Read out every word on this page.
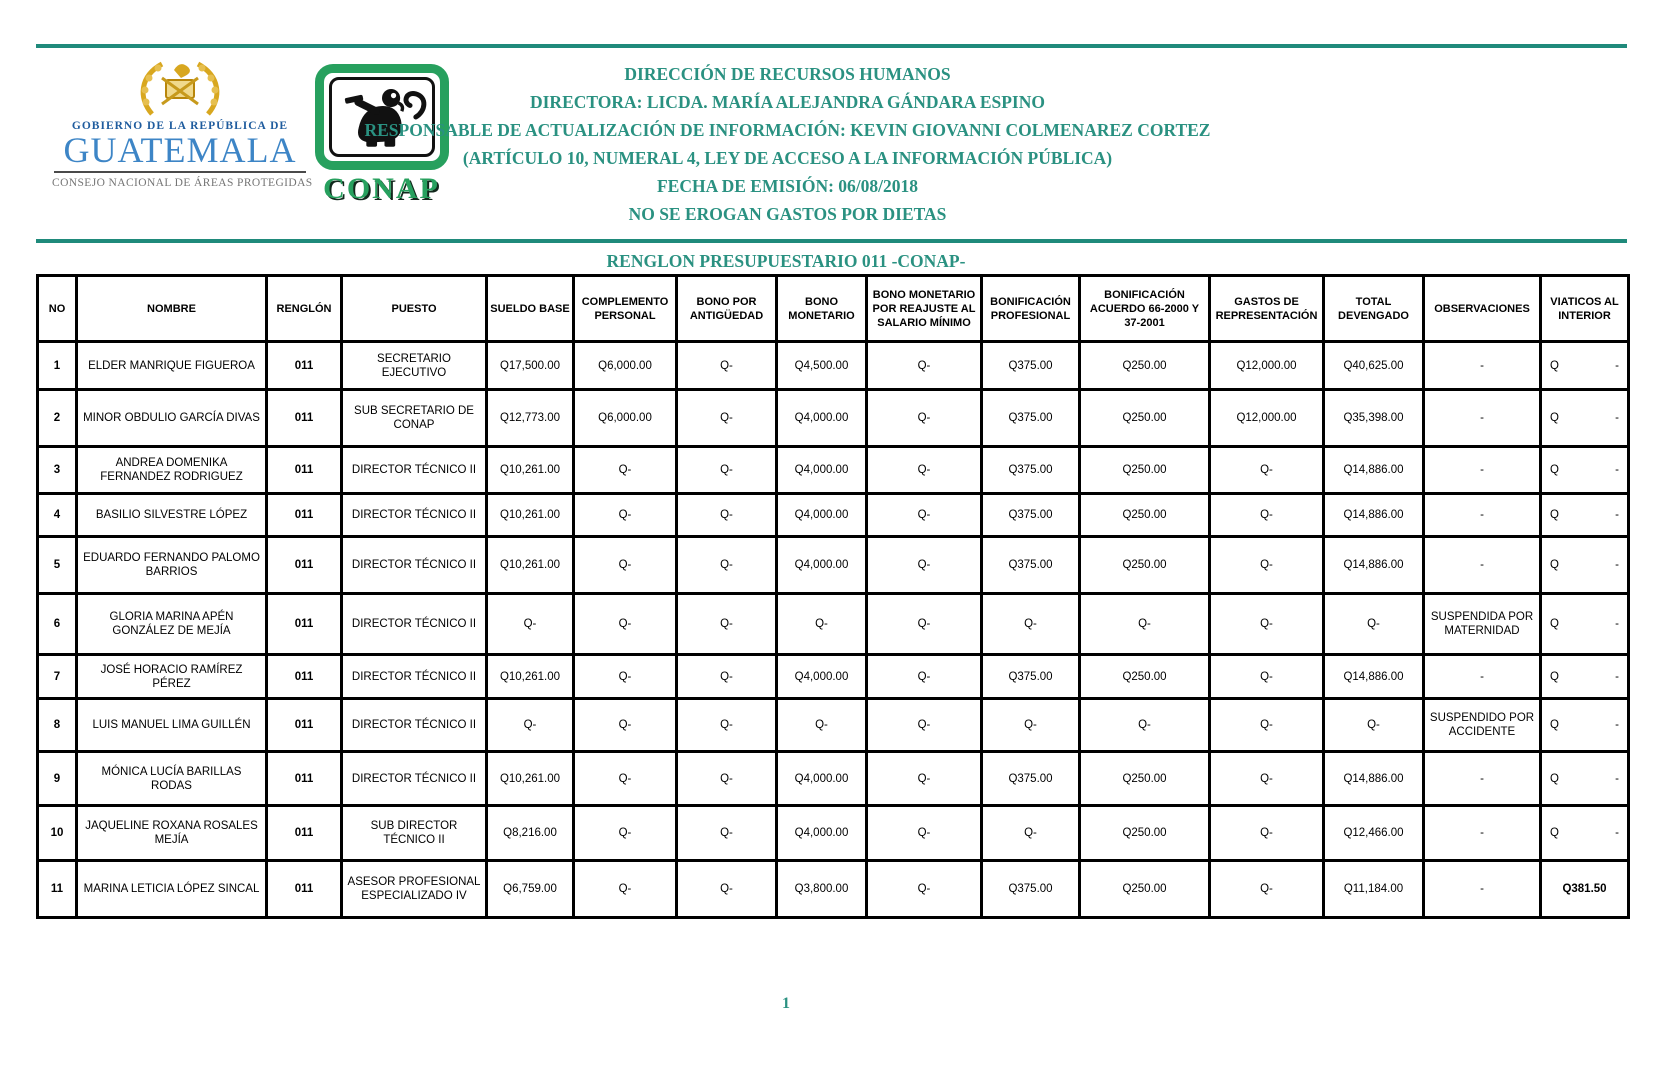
GOBIERNO DE LA REPÚBLICA DE
GUATEMALA
CONSEJO NACIONAL DE ÁREAS PROTEGIDAS CONAP
DIRECCIÓN DE RECURSOS HUMANOS
DIRECTORA: LICDA. MARÍA ALEJANDRA GÁNDARA ESPINO
RESPONSABLE DE ACTUALIZACIÓN DE INFORMACIÓN: KEVIN GIOVANNI COLMENAREZ CORTEZ
(ARTÍCULO 10, NUMERAL 4, LEY DE ACCESO A LA INFORMACIÓN PÚBLICA)
FECHA DE EMISIÓN: 06/08/2018
NO SE EROGAN GASTOS POR DIETAS
RENGLON PRESUPUESTARIO 011 -CONAP-
NO	NOMBRE	RENGLÓN	PUESTO	SUELDO BASE	COMPLEMENTO PERSONAL	BONO POR ANTIGÜEDAD	BONO MONETARIO	BONO MONETARIO POR REAJUSTE AL SALARIO MÍNIMO	BONIFICACIÓN PROFESIONAL	BONIFICACIÓN ACUERDO 66-2000 Y 37-2001	GASTOS DE REPRESENTACIÓN	TOTAL DEVENGADO	OBSERVACIONES	VIATICOS AL INTERIOR
1	ELDER MANRIQUE FIGUEROA	011	SECRETARIO EJECUTIVO	Q17,500.00	Q6,000.00	Q-	Q4,500.00	Q-	Q375.00	Q250.00	Q12,000.00	Q40,625.00	-	Q -

2	MINOR OBDULIO GARCÍA DIVAS	011	SUB SECRETARIO DE CONAP	Q12,773.00	Q6,000.00	Q-	Q4,000.00	Q-	Q375.00	Q250.00	Q12,000.00	Q35,398.00	-	Q -

3	ANDREA DOMENIKA FERNANDEZ RODRIGUEZ	011	DIRECTOR TÉCNICO II	Q10,261.00	Q-	Q-	Q4,000.00	Q-	Q375.00	Q250.00	Q-	Q14,886.00	-	Q -

4	BASILIO SILVESTRE LÓPEZ	011	DIRECTOR TÉCNICO II	Q10,261.00	Q-	Q-	Q4,000.00	Q-	Q375.00	Q250.00	Q-	Q14,886.00	-	Q -

5	EDUARDO FERNANDO PALOMO BARRIOS	011	DIRECTOR TÉCNICO II	Q10,261.00	Q-	Q-	Q4,000.00	Q-	Q375.00	Q250.00	Q-	Q14,886.00	-	Q -

6	GLORIA MARINA APÉN GONZÁLEZ DE MEJÍA	011	DIRECTOR TÉCNICO II	Q-	Q-	Q-	Q-	Q-	Q-	Q-	Q-	Q-	SUSPENDIDA POR MATERNIDAD	Q -

7	JOSÉ HORACIO RAMÍREZ PÉREZ	011	DIRECTOR TÉCNICO II	Q10,261.00	Q-	Q-	Q4,000.00	Q-	Q375.00	Q250.00	Q-	Q14,886.00	-	Q -

8	LUIS MANUEL LIMA GUILLÉN	011	DIRECTOR TÉCNICO II	Q-	Q-	Q-	Q-	Q-	Q-	Q-	Q-	Q-	SUSPENDIDO POR ACCIDENTE	Q -

9	MÓNICA LUCÍA BARILLAS RODAS	011	DIRECTOR TÉCNICO II	Q10,261.00	Q-	Q-	Q4,000.00	Q-	Q375.00	Q250.00	Q-	Q14,886.00	-	Q -

10	JAQUELINE ROXANA ROSALES MEJÍA	011	SUB DIRECTOR TÉCNICO II	Q8,216.00	Q-	Q-	Q4,000.00	Q-	Q-	Q250.00	Q-	Q12,466.00	-	Q -

11	MARINA LETICIA LÓPEZ SINCAL	011	ASESOR PROFESIONAL ESPECIALIZADO IV	Q6,759.00	Q-	Q-	Q3,800.00	Q-	Q375.00	Q250.00	Q-	Q11,184.00	-	Q381.50
1
